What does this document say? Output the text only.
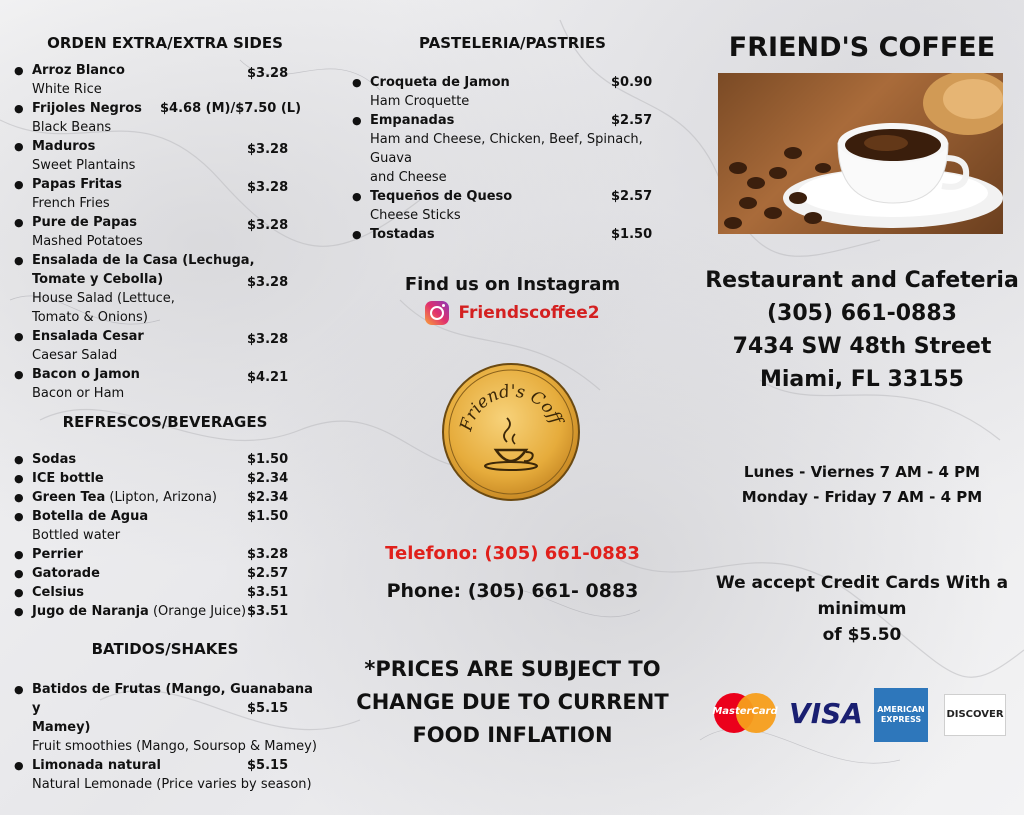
ORDEN EXTRA/EXTRA SIDES
● Arroz Blanco	$3.28

White Rice
● Frijoles Negros $4.68 (M)/$7.50 (L)

Black Beans
● Maduros	$3.28

Sweet Plantains
● Papas Fritas	$3.28

French Fries
● Pure de Papas	$3.28

Mashed Potatoes
● Ensalada de la Casa (Lechuga,
Tomate y Cebolla)	$3.28

House Salad (Lettuce,
Tomato & Onions)
● Ensalada Cesar	$3.28

Caesar Salad
● Bacon o Jamon	$4.21

Bacon or Ham
REFRESCOS/BEVERAGES
● Sodas	$1.50
● ICE bottle	$2.34
● Green Tea (Lipton, Arizona) $2.34
● Botella de Agua	$1.50

Bottled water
● Perrier	$3.28
● Gatorade	$2.57
● Celsius	$3.51
● Jugo de Naranja (Orange Juice) $3.51
BATIDOS/SHAKES
● Batidos de Frutas (Mango, Guanabana y
Mamey)
$5.15

Fruit smoothies (Mango, Soursop & Mamey)
● Limonada natural	$5.15

Natural Lemonade (Price varies by season)
PASTELERIA/PASTRIES
● Croqueta de Jamon	$0.90

Ham Croquette
● Empanadas	$2.57

Ham and Cheese, Chicken, Beef, Spinach, Guava
and Cheese
● Tequeños de Queso	$2.57

Cheese Sticks
● Tostadas	$1.50
Find us on Instagram
Friendscoffee2
Friend's Coffee
Telefono: (305) 661-0883
Phone: (305) 661- 0883
*PRICES ARE SUBJECT TO
CHANGE DUE TO CURRENT
FOOD INFLATION
FRIEND'S COFFEE
Restaurant and Cafeteria
(305) 661-0883
7434 SW 48th Street
Miami, FL 33155
Lunes - Viernes 7 AM - 4 PM
Monday - Friday 7 AM - 4 PM
We accept Credit Cards With a
minimum
of $5.50
MasterCard VISA	AMERICAN
EXPRESS	DISCOVER
